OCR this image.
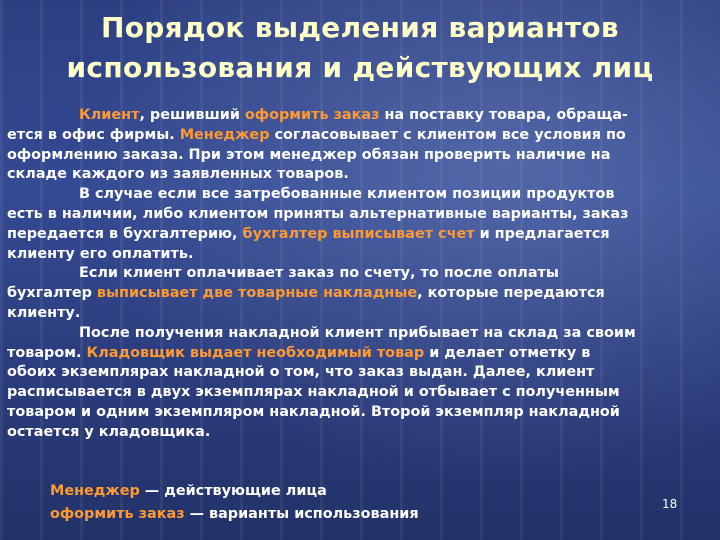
Порядок выделения вариантов
использования и действующих лиц
Клиент, решивший оформить заказ на поставку товара, обраща-
ется в офис фирмы. Менеджер согласовывает с клиентом все условия по
оформлению заказа. При этом менеджер обязан проверить наличие на
складе каждого из заявленных товаров.
В случае если все затребованные клиентом позиции продуктов
есть в наличии, либо клиентом приняты альтернативные варианты, заказ
передается в бухгалтерию, бухгалтер выписывает счет и предлагается
клиенту его оплатить.
Если клиент оплачивает заказ по счету, то после оплаты
бухгалтер выписывает две товарные накладные, которые передаются
клиенту.
После получения накладной клиент прибывает на склад за своим
товаром. Кладовщик выдает необходимый товар и делает отметку в
обоих экземплярах накладной о том, что заказ выдан. Далее, клиент
расписывается в двух экземплярах накладной и отбывает с полученным
товаром и одним экземпляром накладной. Второй экземпляр накладной
остается у кладовщика.
Менеджер — действующие лица
оформить заказ — варианты использования
18
